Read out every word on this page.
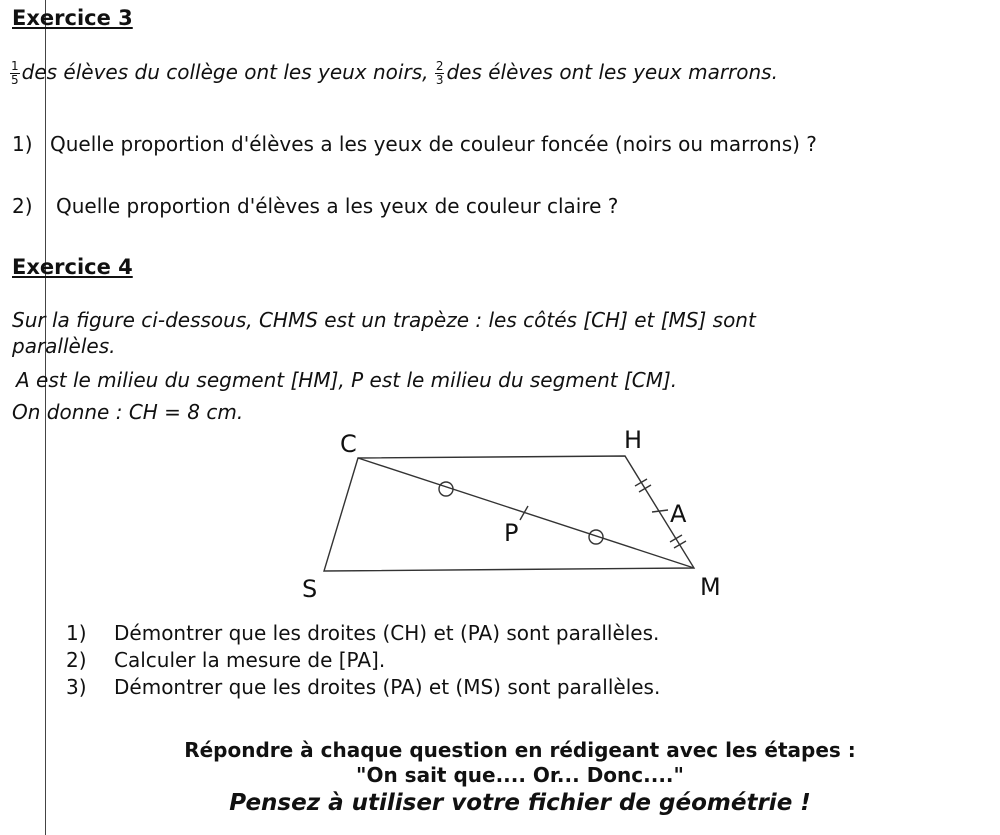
Exercice 3
$\frac{1}{5}$ des élèves du collège ont les yeux noirs, $\frac{2}{3}$ des élèves ont les yeux marrons.
1) Quelle proportion d'élèves a les yeux de couleur foncée (noirs ou marrons) ?
2) Quelle proportion d'élèves a les yeux de couleur claire ?
Exercice 4
Sur la figure ci-dessous, CHMS est un trapèze : les côtés [CH] et [MS] sont
parallèles.
A est le milieu du segment [HM], P est le milieu du segment [CM].
On donne : CH = 8 cm.
C	H
S	M
A
P
1) Démontrer que les droites (CH) et (PA) sont parallèles.
2) Calculer la mesure de [PA].
3) Démontrer que les droites (PA) et (MS) sont parallèles.
Répondre à chaque question en rédigeant avec les étapes :
"On sait que.... Or... Donc...."
Pensez à utiliser votre fichier de géométrie !
